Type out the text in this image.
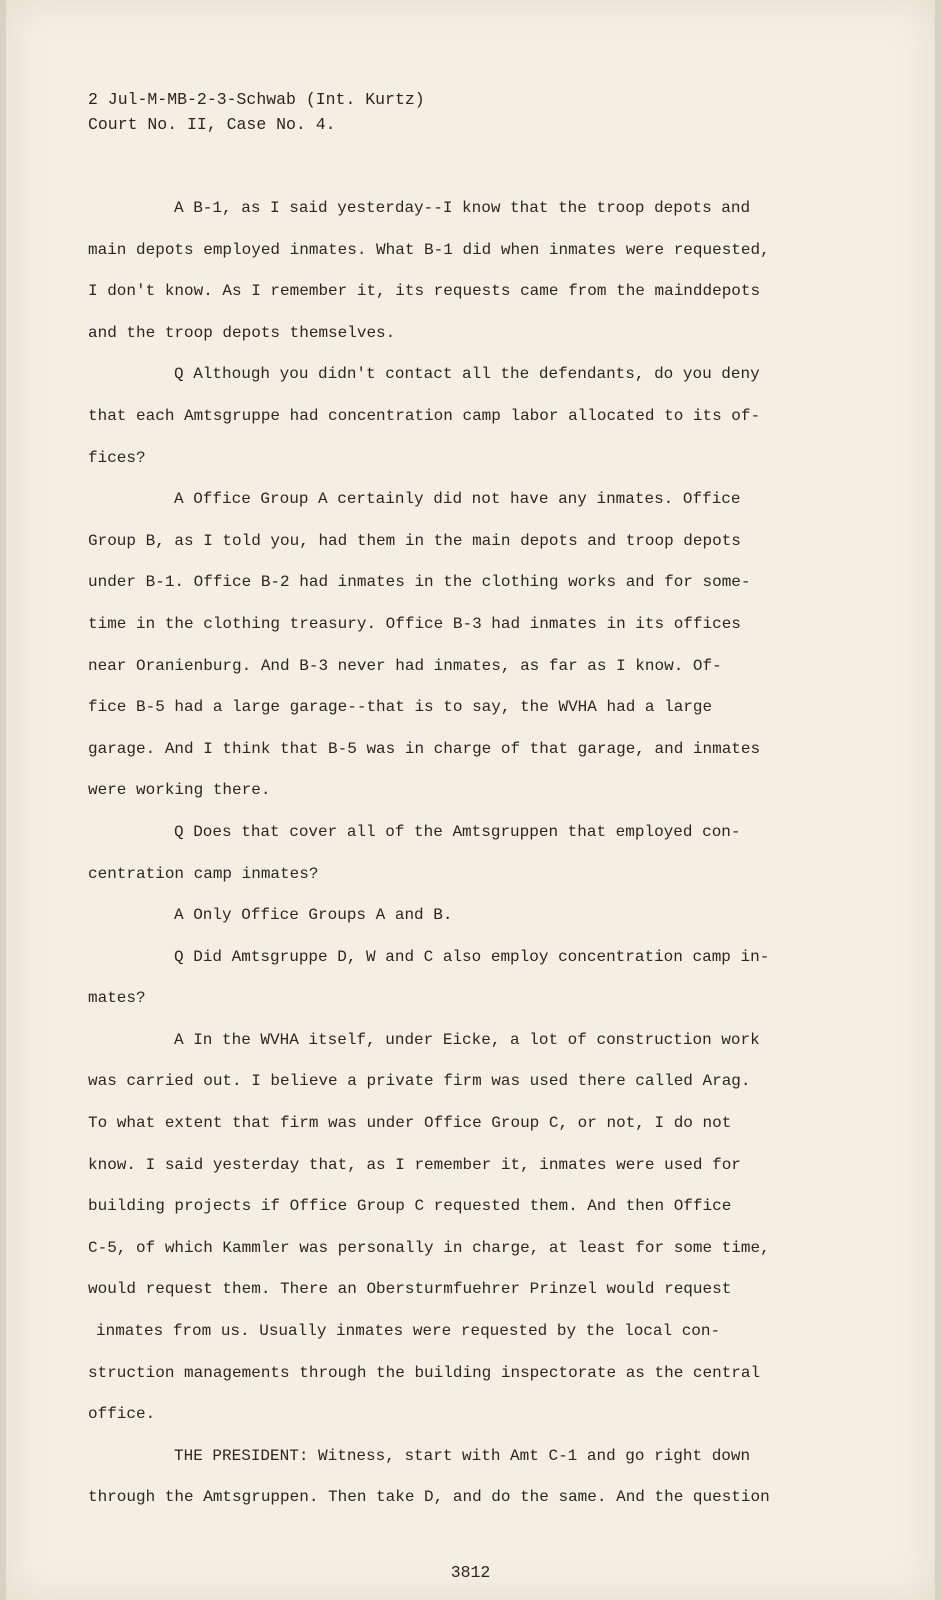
2 Jul-M-MB-2-3-Schwab (Int. Kurtz)
Court No. II, Case No. 4.
A B-1, as I said yesterday--I know that the troop depots and
main depots employed inmates. What B-1 did when inmates were requested,
I don't know. As I remember it, its requests came from the mainddepots
and the troop depots themselves.
Q Although you didn't contact all the defendants, do you deny
that each Amtsgruppe had concentration camp labor allocated to its of-
fices?
A Office Group A certainly did not have any inmates. Office
Group B, as I told you, had them in the main depots and troop depots
under B-1. Office B-2 had inmates in the clothing works and for some-
time in the clothing treasury. Office B-3 had inmates in its offices
near Oranienburg. And B-3 never had inmates, as far as I know. Of-
fice B-5 had a large garage--that is to say, the WVHA had a large
garage. And I think that B-5 was in charge of that garage, and inmates
were working there.
Q Does that cover all of the Amtsgruppen that employed con-
centration camp inmates?
A Only Office Groups A and B.
Q Did Amtsgruppe D, W and C also employ concentration camp in-
mates?
A In the WVHA itself, under Eicke, a lot of construction work
was carried out. I believe a private firm was used there called Arag.
To what extent that firm was under Office Group C, or not, I do not
know. I said yesterday that, as I remember it, inmates were used for
building projects if Office Group C requested them. And then Office
C-5, of which Kammler was personally in charge, at least for some time,
would request them. There an Obersturmfuehrer Prinzel would request
inmates from us. Usually inmates were requested by the local con-
struction managements through the building inspectorate as the central
office.
THE PRESIDENT: Witness, start with Amt C-1 and go right down
through the Amtsgruppen. Then take D, and do the same. And the question
3812
